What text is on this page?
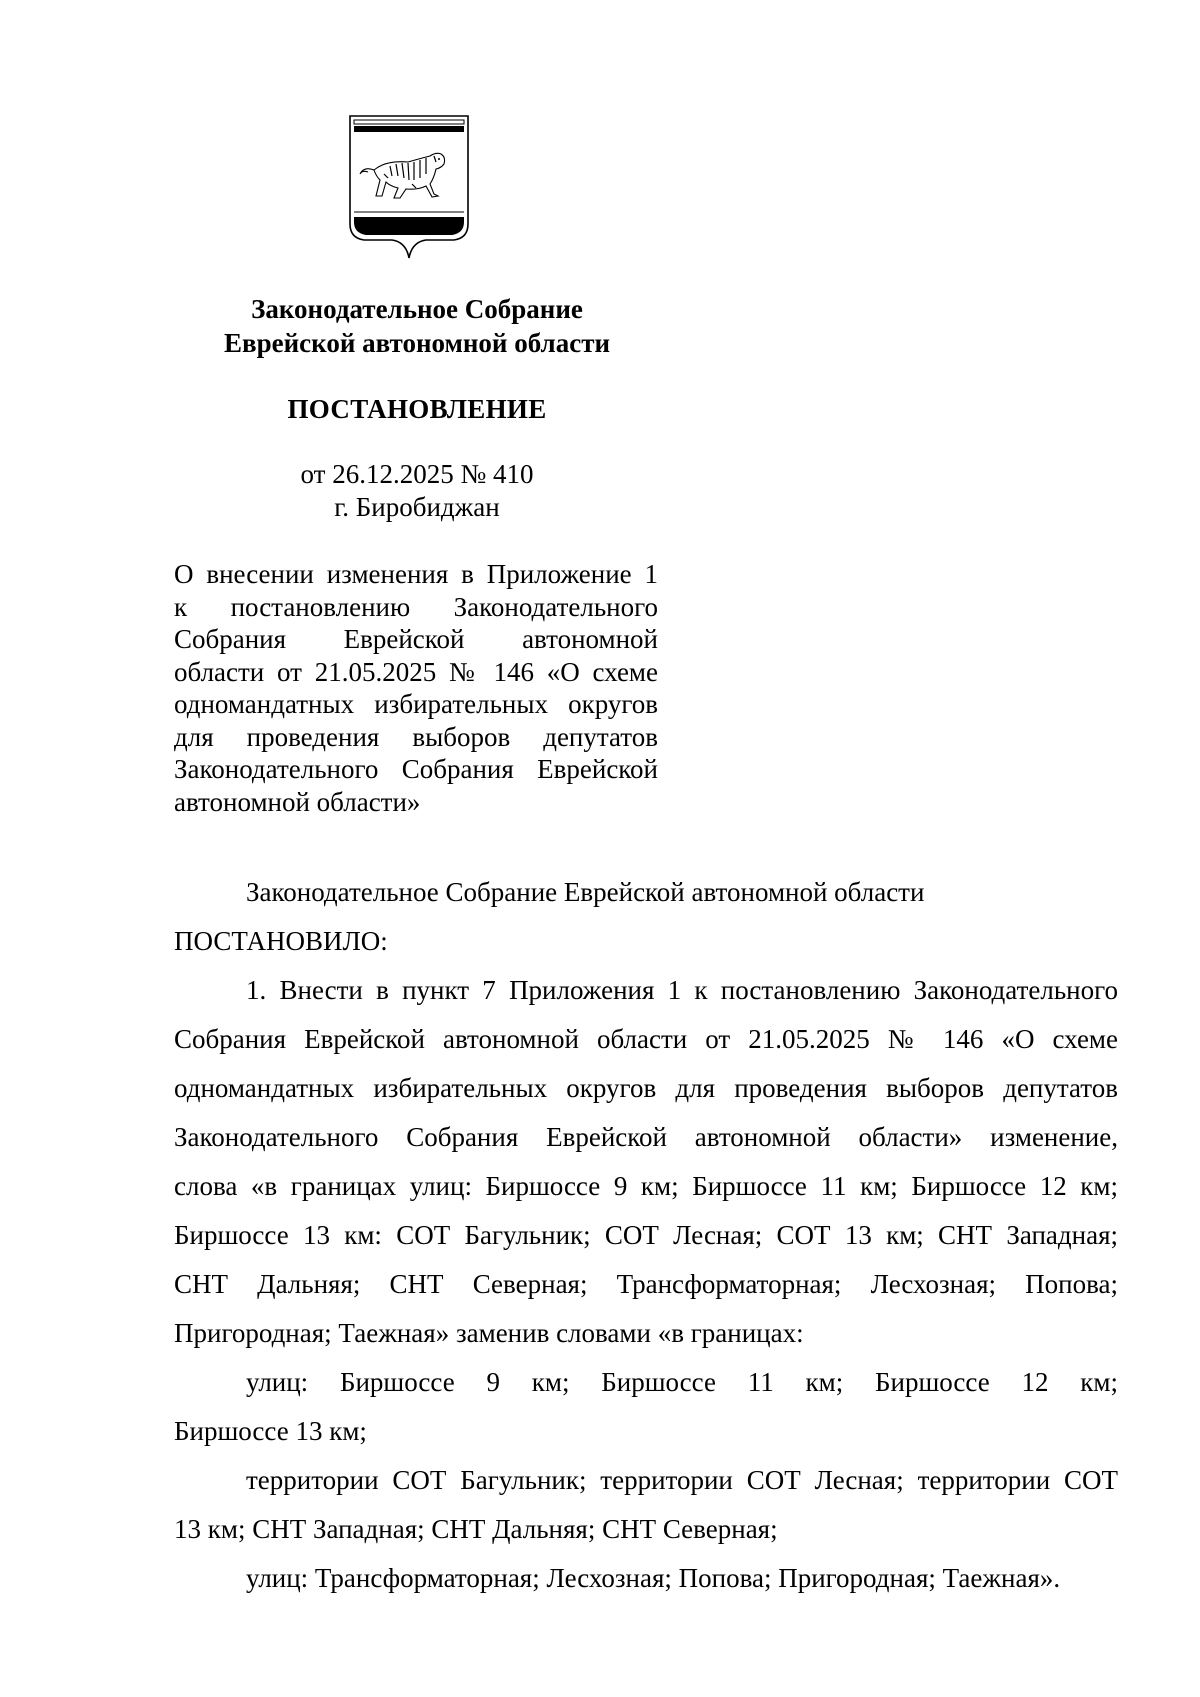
Законодательное Собрание
Еврейской автономной области
ПОСТАНОВЛЕНИЕ
от 26.12.2025 № 410
г. Биробиджан
О внесении изменения в Приложение 1
к постановлению Законодательного
Собрания Еврейской автономной
области от 21.05.2025 № 146 «О схеме
одномандатных избирательных округов
для проведения выборов депутатов
Законодательного Собрания Еврейской
автономной области»
Законодательное Собрание Еврейской автономной области
ПОСТАНОВИЛО:
1. Внести в пункт 7 Приложения 1 к постановлению Законодательного
Собрания Еврейской автономной области от 21.05.2025 № 146 «О схеме
одномандатных избирательных округов для проведения выборов депутатов
Законодательного Собрания Еврейской автономной области» изменение,
слова «в границах улиц: Биршоссе 9 км; Биршоссе 11 км; Биршоссе 12 км;
Биршоссе 13 км: СОТ Багульник; СОТ Лесная; СОТ 13 км; СНТ Западная;
СНТ Дальняя; СНТ Северная; Трансформаторная; Лесхозная; Попова;
Пригородная; Таежная» заменив словами «в границах:
улиц: Биршоссе 9 км; Биршоссе 11 км; Биршоссе 12 км;
Биршоссе 13 км;
территории СОТ Багульник; территории СОТ Лесная; территории СОТ
13 км; СНТ Западная; СНТ Дальняя; СНТ Северная;
улиц: Трансформаторная; Лесхозная; Попова; Пригородная; Таежная».
